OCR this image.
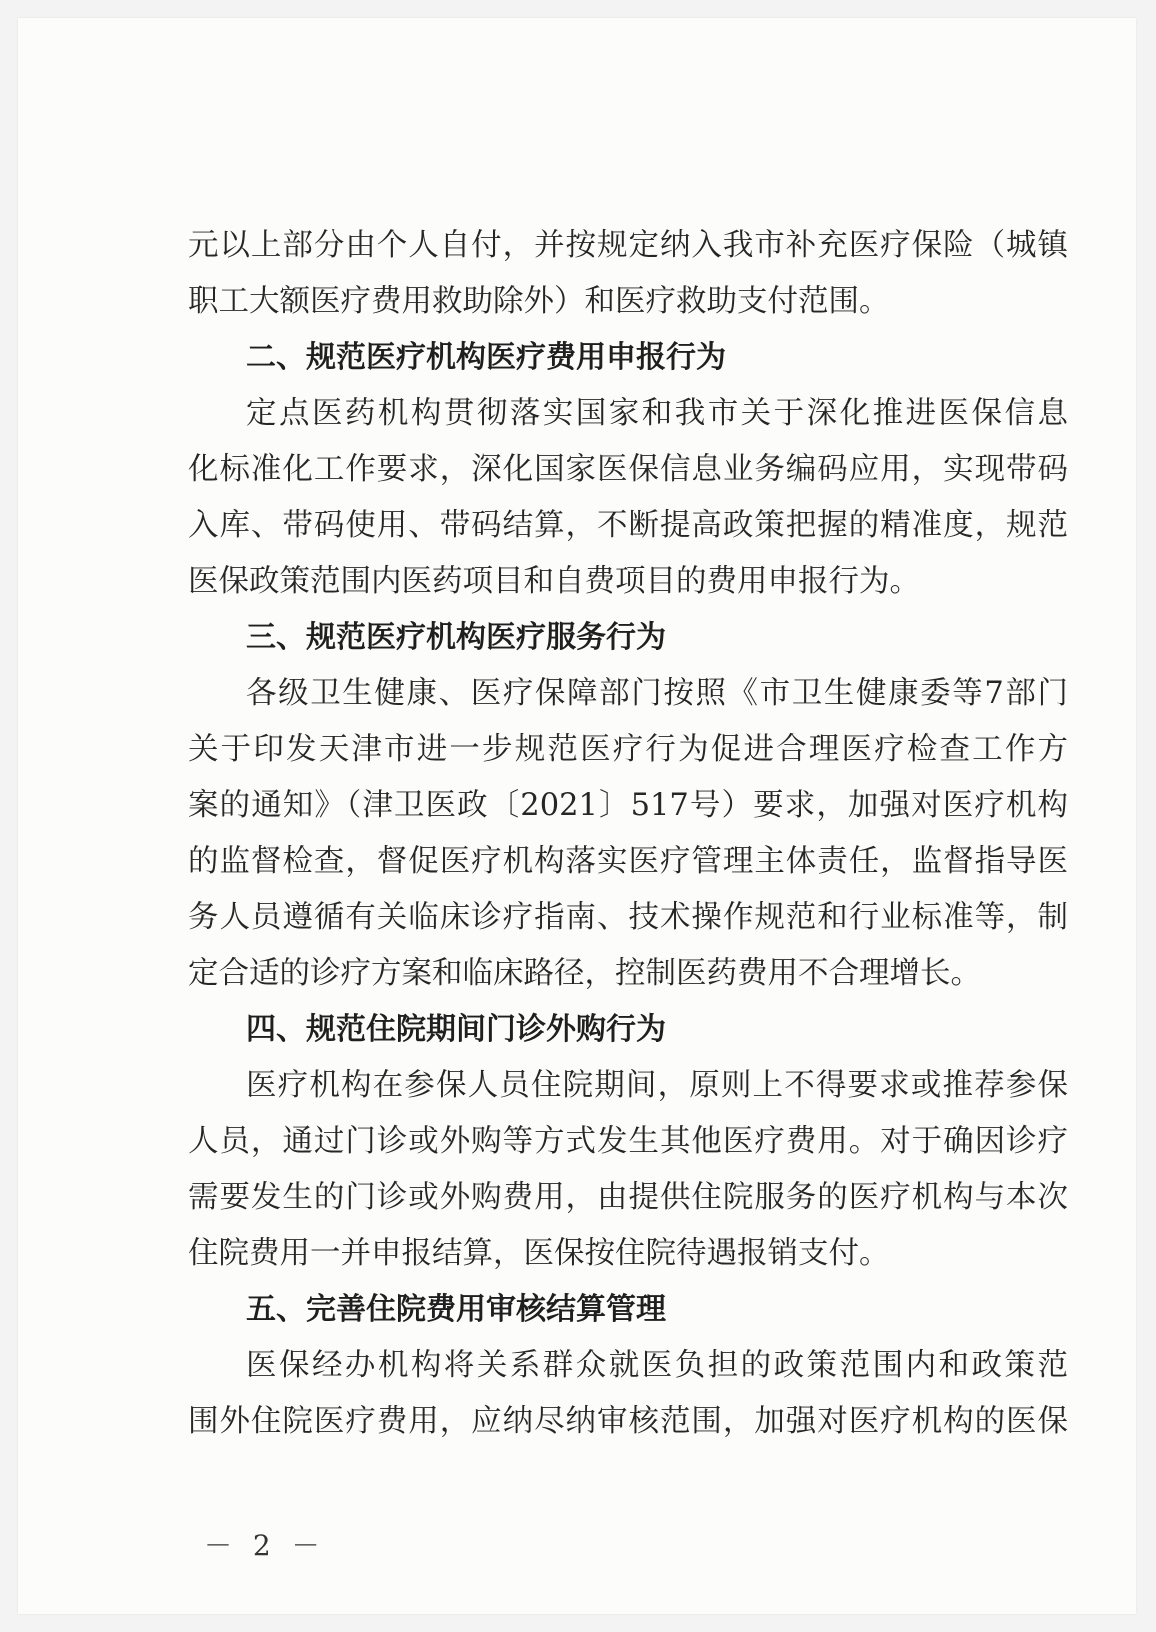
元以上部分由个人自付，并按规定纳入我市补充医疗保险（城镇
职工大额医疗费用救助除外）和医疗救助支付范围。
二、规范医疗机构医疗费用申报行为
定点医药机构贯彻落实国家和我市关于深化推进医保信息
化标准化工作要求，深化国家医保信息业务编码应用，实现带码
入库、带码使用、带码结算，不断提高政策把握的精准度，规范
医保政策范围内医药项目和自费项目的费用申报行为。
三、规范医疗机构医疗服务行为
各级卫生健康、医疗保障部门按照《市卫生健康委等7部门
关于印发天津市进一步规范医疗行为促进合理医疗检查工作方
案的通知》（津卫医政〔2021〕517号）要求，加强对医疗机构
的监督检查，督促医疗机构落实医疗管理主体责任，监督指导医
务人员遵循有关临床诊疗指南、技术操作规范和行业标准等，制
定合适的诊疗方案和临床路径，控制医药费用不合理增长。
四、规范住院期间门诊外购行为
医疗机构在参保人员住院期间，原则上不得要求或推荐参保
人员，通过门诊或外购等方式发生其他医疗费用。对于确因诊疗
需要发生的门诊或外购费用，由提供住院服务的医疗机构与本次
住院费用一并申报结算，医保按住院待遇报销支付。
五、完善住院费用审核结算管理
医保经办机构将关系群众就医负担的政策范围内和政策范
围外住院医疗费用，应纳尽纳审核范围，加强对医疗机构的医保
－ 2 －
